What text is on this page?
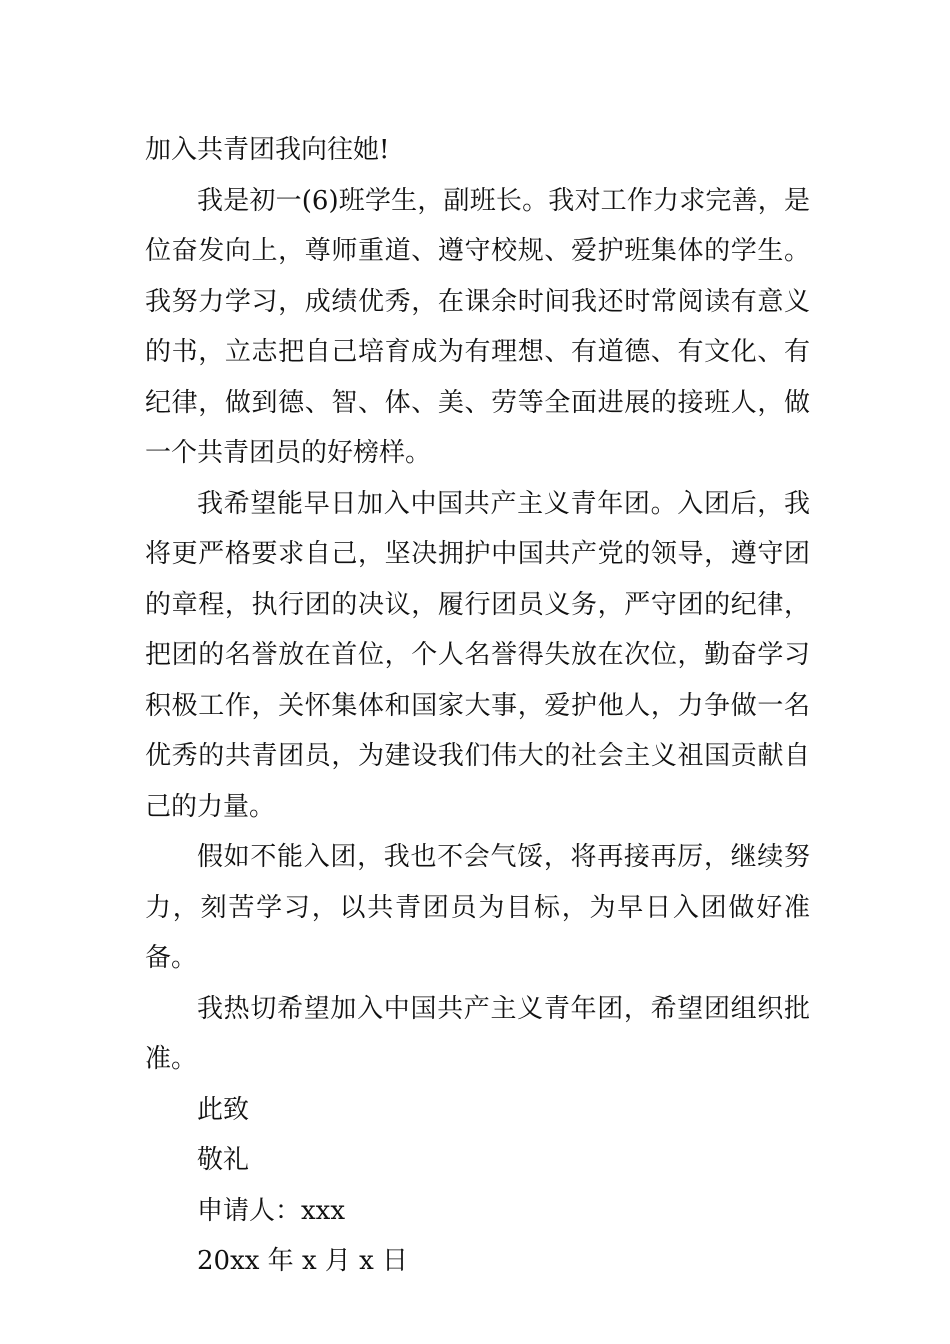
加入共青团我向往她!

我是初一(6)班学生，副班长。我对工作力求完善，是位奋发向上，尊师重道、遵守校规、爱护班集体的学生。我努力学习，成绩优秀，在课余时间我还时常阅读有意义的书，立志把自己培育成为有理想、有道德、有文化、有纪律，做到德、智、体、美、劳等全面进展的接班人，做一个共青团员的好榜样。

我希望能早日加入中国共产主义青年团。入团后，我将更严格要求自己，坚决拥护中国共产党的领导，遵守团的章程，执行团的决议，履行团员义务，严守团的纪律，把团的名誉放在首位，个人名誉得失放在次位，勤奋学习积极工作，关怀集体和国家大事，爱护他人，力争做一名优秀的共青团员，为建设我们伟大的社会主义祖国贡献自己的力量。

假如不能入团，我也不会气馁，将再接再厉，继续努力，刻苦学习，以共青团员为目标，为早日入团做好准备。

我热切希望加入中国共产主义青年团，希望团组织批准。

此致

敬礼

申请人：xxx

20xx 年 x 月 x 日
